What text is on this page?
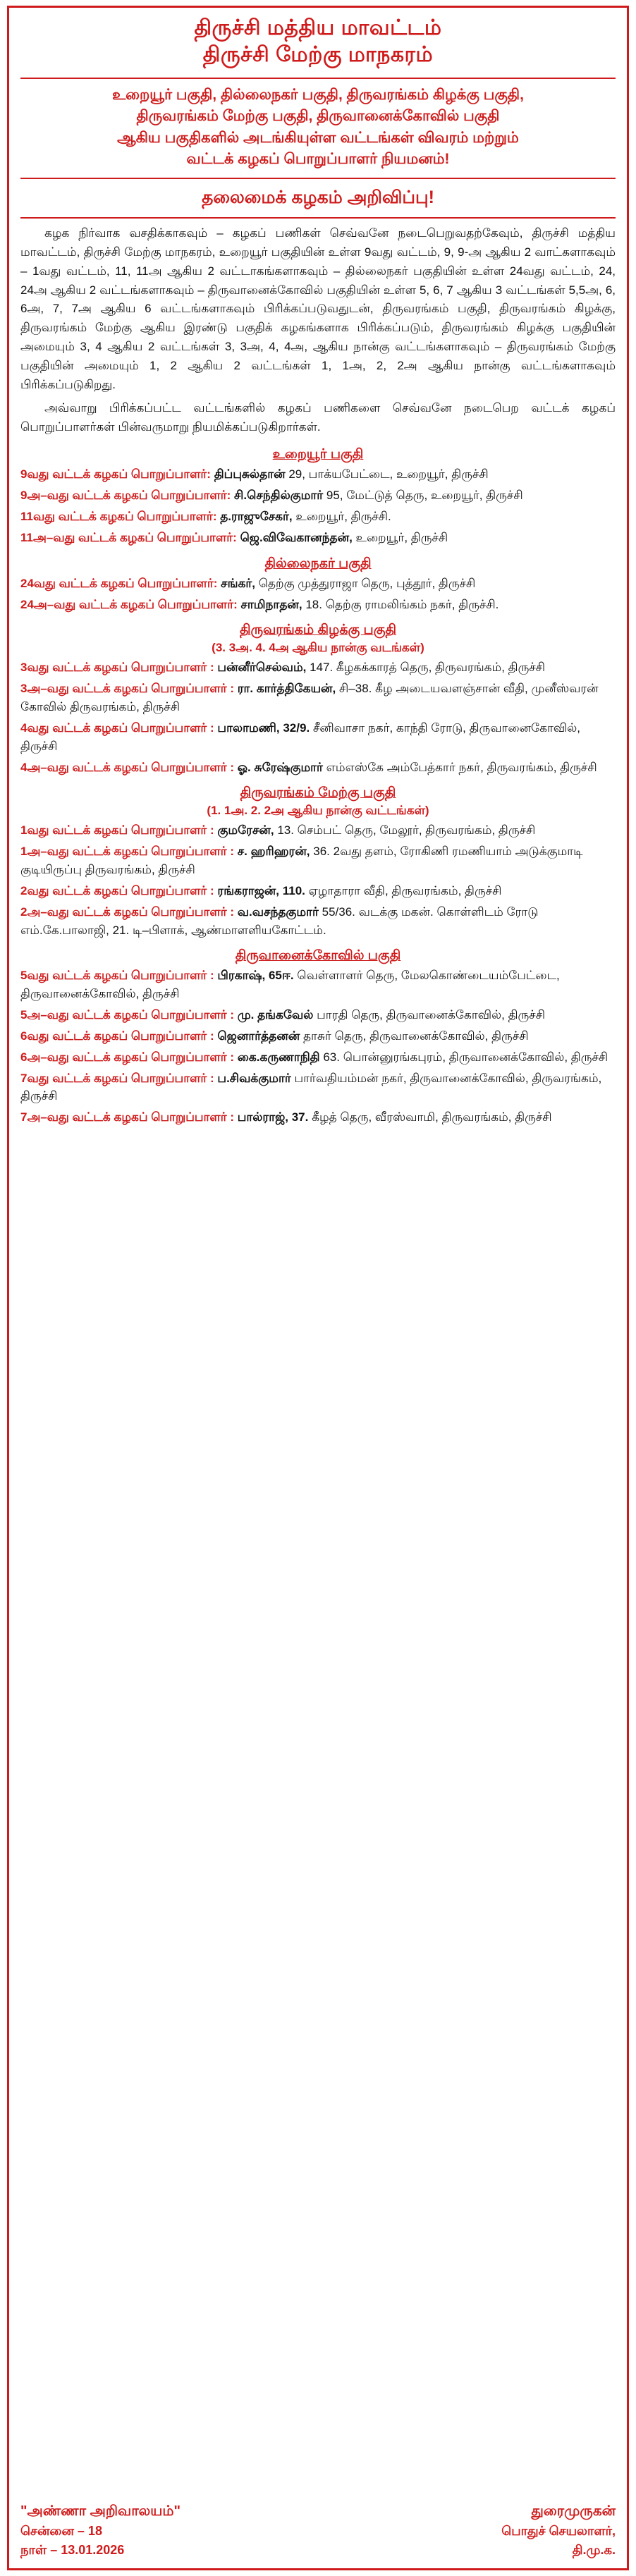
திருச்சி மத்திய மாவட்டம்
திருச்சி மேற்கு மாநகரம்
உறையூர் பகுதி, தில்லைநகர் பகுதி, திருவரங்கம் கிழக்கு பகுதி,
திருவரங்கம் மேற்கு பகுதி, திருவானைக்கோவில் பகுதி
ஆகிய பகுதிகளில் அடங்கியுள்ள வட்டங்கள் விவரம் மற்றும்
வட்டக் கழகப் பொறுப்பாளர் நியமனம்!
தலைமைக் கழகம் அறிவிப்பு!

கழக நிர்வாக வசதிக்காகவும் – கழகப் பணிகள் செவ்வனே நடைபெறுவதற்கேவும், திருச்சி மத்திய மாவட்டம், திருச்சி மேற்கு மாநகரம், உறையூர் பகுதியின் உள்ள 9வது வட்டம், 9, 9-அ ஆகிய 2 வாட்களாகவும் – 1வது வட்டம், 11, 11அ ஆகிய 2 வட்டாகங்களாகவும் – தில்லைநகர் பகுதியின் உள்ள 24வது வட்டம், 24, 24அ ஆகிய 2 வட்டங்களாகவும் – திருவானைக்கோவில் பகுதியின் உள்ள 5, 6, 7 ஆகிய 3 வட்டங்கள் 5,5அ, 6, 6அ, 7, 7அ ஆகிய 6 வட்டங்களாகவும் பிரிக்கப்படுவதுடன், திருவரங்கம் பகுதி, திருவரங்கம் கிழக்கு, திருவரங்கம் மேற்கு ஆகிய இரண்டு பகுதிக் கழகங்களாக பிரிக்கப்படும், திருவரங்கம் கிழக்கு பகுதியின் அமையும் 3, 4 ஆகிய 2 வட்டங்கள் 3, 3அ, 4, 4அ, ஆகிய நான்கு வட்டங்களாகவும் – திருவரங்கம் மேற்கு பகுதியின் அமையும் 1, 2 ஆகிய 2 வட்டங்கள் 1, 1அ, 2, 2அ ஆகிய நான்கு வட்டங்களாகவும் பிரிக்கப்படுகிறது.

அவ்வாறு பிரிக்கப்பட்ட வட்டங்களில் கழகப் பணிகளை செவ்வனே நடைபெற வட்டக் கழகப் பொறுப்பாளர்கள் பின்வருமாறு நியமிக்கப்படுகிறார்கள்.

உறையூர் பகுதி
9வது வட்டக் கழகப் பொறுப்பாளர்: திப்புசுல்தான் 29, பாக்யபேட்டை, உறையூர், திருச்சி
9அ–வது வட்டக் கழகப் பொறுப்பாளர்: சி.செந்தில்குமார் 95, மேட்டுத் தெரு, உறையூர், திருச்சி
11வது வட்டக் கழகப் பொறுப்பாளர்: த.ராஜுசேகர், உறையூர், திருச்சி.
11அ–வது வட்டக் கழகப் பொறுப்பாளர்: ஜெ.விவேகானந்தன், உறையூர், திருச்சி
தில்லைநகர் பகுதி
24வது வட்டக் கழகப் பொறுப்பாளர்: சங்கர், தெற்கு முத்துராஜா தெரு, புத்தூர், திருச்சி
24அ–வது வட்டக் கழகப் பொறுப்பாளர்: சாமிநாதன், 18. தெற்கு ராமலிங்கம் நகர், திருச்சி.
திருவரங்கம் கிழக்கு பகுதி
(3. 3அ. 4. 4அ ஆகிய நான்கு வடங்கள்)
3வது வட்டக் கழகப் பொறுப்பாளர் : பன்னீர்செல்வம், 147. கீழகக்காரத் தெரு, திருவரங்கம், திருச்சி
3அ–வது வட்டக் கழகப் பொறுப்பாளர் : ரா. கார்த்திகேயன், சி–38. கீழ அடையவளஞ்சான் வீதி, முனீஸ்வரன் கோவில் திருவரங்கம், திருச்சி
4வது வட்டக் கழகப் பொறுப்பாளர் : பாலாமணி, 32/9. சீனிவாசா நகர், காந்தி ரோடு, திருவானைகோவில், திருச்சி
4அ–வது வட்டக் கழகப் பொறுப்பாளர் : ஓ. சுரேஷ்குமார் எம்எஸ்கே அம்பேத்கார் நகர், திருவரங்கம், திருச்சி
திருவரங்கம் மேற்கு பகுதி
(1. 1அ. 2. 2அ ஆகிய நான்கு வட்டங்கள்)
1வது வட்டக் கழகப் பொறுப்பாளர் : குமரேசன், 13. செம்பட் தெரு, மேலூர், திருவரங்கம், திருச்சி
1அ–வது வட்டக் கழகப் பொறுப்பாளர் : ச. ஹரிஹரன், 36. 2வது தளம், ரோகிணி ரமணியாம் அடுக்குமாடி குடியிருப்பு திருவரங்கம், திருச்சி
2வது வட்டக் கழகப் பொறுப்பாளர் : ரங்கராஜன், 110. ஏழாதாரா வீதி, திருவரங்கம், திருச்சி
2அ–வது வட்டக் கழகப் பொறுப்பாளர் : வ.வசந்தகுமார் 55/36. வடக்கு மகன். கொள்ளிடம் ரோடு எம்.கே.பாலாஜி, 21. டி–பிளாக், ஆண்மாளளியகோட்டம்.
திருவானைக்கோவில் பகுதி
5வது வட்டக் கழகப் பொறுப்பாளர் : பிரகாஷ், 65ஈ. வெள்ளாளர் தெரு, மேலகொண்டையம்பேட்டை, திருவானைக்கோவில், திருச்சி
5அ–வது வட்டக் கழகப் பொறுப்பாளர் : மு. தங்கவேல் பாரதி தெரு, திருவானைக்கோவில், திருச்சி
6வது வட்டக் கழகப் பொறுப்பாளர் : ஜெனார்த்தனன் தாசுர் தெரு, திருவானைக்கோவில், திருச்சி
6அ–வது வட்டக் கழகப் பொறுப்பாளர் : கை.கருணாநிதி 63. பொன்னுரங்கபுரம், திருவானைக்கோவில், திருச்சி
7வது வட்டக் கழகப் பொறுப்பாளர் : ப.சிவக்குமார் பார்வதியம்மன் நகர், திருவானைக்கோவில், திருவரங்கம், திருச்சி
7அ–வது வட்டக் கழகப் பொறுப்பாளர் : பால்ராஜ், 37. கீழத் தெரு, வீரஸ்வாமி, திருவரங்கம், திருச்சி
"அண்ணா அறிவாலயம்"
சென்னை – 18
நாள் – 13.01.2026
துரைமுருகன்
பொதுச் செயலாளர்,
தி.மு.க.
